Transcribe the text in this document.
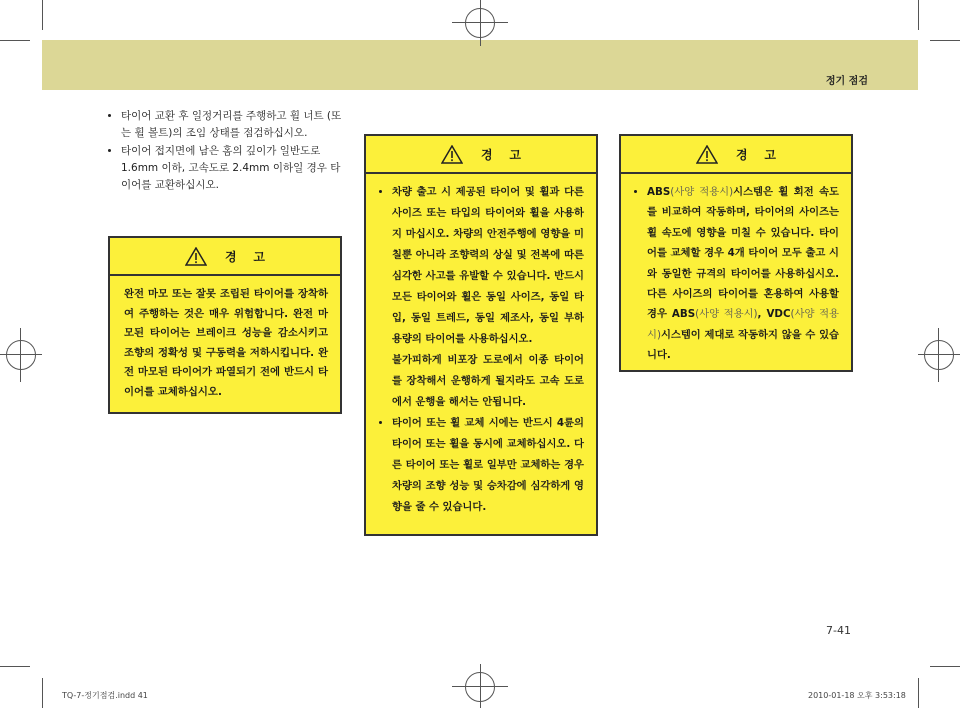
정기 점검
• 타이어 교환 후 일정거리를 주행하고 휠 너트 (또는 휠 볼트)의 조임 상태를 점검하십시오.
• 타이어 접지면에 남은 홈의 깊이가 일반도로 1.6mm 이하, 고속도로 2.4mm 이하일 경우 타이어를 교환하십시오.
경    고
완전 마모 또는 잘못 조립된 타이어를 장착하여 주행하는 것은 매우 위험합니다. 완전 마모된 타이어는 브레이크 성능을 감소시키고 조향의 정확성 및 구동력을 저하시킵니다. 완전 마모된 타이어가 파열되기 전에 반드시 타이어를 교체하십시오.
경    고
• 차량 출고 시 제공된 타이어 및 휠과 다른 사이즈 또는 타입의 타이어와 휠을 사용하지 마십시오. 차량의 안전주행에 영향을 미칠뿐 아니라 조향력의 상실 및 전복에 따른 심각한 사고를 유발할 수 있습니다. 반드시 모든 타이어와 휠은 동일 사이즈, 동일 타입, 동일 트레드, 동일 제조사, 동일 부하 용량의 타이어를 사용하십시오.
불가피하게 비포장 도로에서 이종 타이어를 장착해서 운행하게 될지라도 고속 도로에서 운행을 해서는 안됩니다.
• 타이어 또는 휠 교체 시에는 반드시 4륜의 타이어 또는 휠을 동시에 교체하십시오. 다른 타이어 또는 휠로 일부만 교체하는 경우 차량의 조향 성능 및 승차감에 심각하게 영향을 줄 수 있습니다.
경    고
• ABS(사양 적용시)시스템은 휠 회전 속도를 비교하여 작동하며, 타이어의 사이즈는 휠 속도에 영향을 미칠 수 있습니다. 타이어를 교체할 경우 4개 타이어 모두 출고 시와 동일한 규격의 타이어를 사용하십시오. 다른 사이즈의 타이어를 혼용하여 사용할 경우 ABS(사양 적용시), VDC(사양 적용시)시스템이 제대로 작동하지 않을 수 있습니다.
7-41
TQ-7-정기점검.indd 41	2010-01-18 오후 3:53:18
